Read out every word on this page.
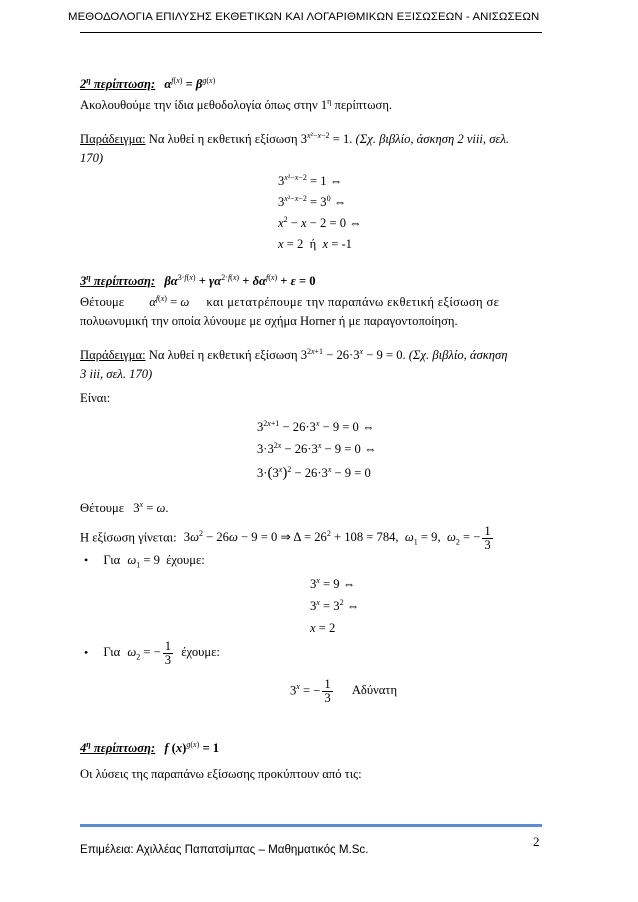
ΜΕΘΟΔΟΛΟΓΙΑ ΕΠΙΛΥΣΗΣ ΕΚΘΕΤΙΚΩΝ ΚΑΙ ΛΟΓΑΡΙΘΜΙΚΩΝ ΕΞΙΣΩΣΕΩΝ - ΑΝΙΣΩΣΕΩΝ
$2^\eta$ περίπτωση: $\alpha^{f(x)} = \beta^{g(x)}$
Ακολουθούμε την ίδια μεθοδολογία όπως στην $1^\eta$ περίπτωση.
Παράδειγμα: Να λυθεί η εκθετική εξίσωση $3^{x^2-x-2} = 1$. (Σχ. βιβλίο, άσκηση 2 viii, σελ.
170)
$3^{x^2-x-2} = 1$ ⇔
$3^{x^2-x-2} = 3^0$ ⇔
$x^2 - x - 2 = 0$ ⇔
x = 2  ή  x = -1
$3^\eta$ περίπτωση: $\beta\alpha^{3\cdot f(x)} + \gamma\alpha^{2\cdot f(x)} + \delta\alpha^{f(x)} + \varepsilon = 0$
Θέτουμε $\alpha^{f(x)} = \omega$ και μετατρέπουμε την παραπάνω εκθετική εξίσωση σε
πολυωνυμική την οποία λύνουμε με σχήμα Horner ή με παραγοντοποίηση.
Παράδειγμα: Να λυθεί η εκθετική εξίσωση $3^{2x+1} - 26\cdot 3^x - 9 = 0$. (Σχ. βιβλίο, άσκηση
3 iii, σελ. 170)
Είναι:
$3^{2x+1} - 26\cdot 3^x - 9 = 0$ ⇔
$3\cdot 3^{2x} - 26\cdot 3^x - 9 = 0$ ⇔
$3\cdot(3^x)^2 - 26\cdot 3^x - 9 = 0$
Θέτουμε $3^x = \omega$.
Η εξίσωση γίνεται: $3\omega^2 - 26\omega - 9 = 0$ ⇒ $\Delta = 26^2 + 108 = 784$,  $\omega_1 = 9$,  $\omega_2$ = − $\frac{1}{3}$
• Για $\omega_1 = 9$ έχουμε:
$3^x = 9$ ⇔
$3^x = 3^2$ ⇔
x = 2
• Για $\omega_2$ = − $\frac{1}{3} έ\chi o\upsilon\mu\varepsilon$:
$3^x$ = − $\frac{1}{3}$ Αδύνατη
$4^\eta$ περίπτωση: f $(x)^{g(x)} = 1$
Οι λύσεις της παραπάνω εξίσωσης προκύπτουν από τις:
Επιμέλεια: Αχιλλέας Παπατσίμπας – Μαθηματικός M.Sc.
2
